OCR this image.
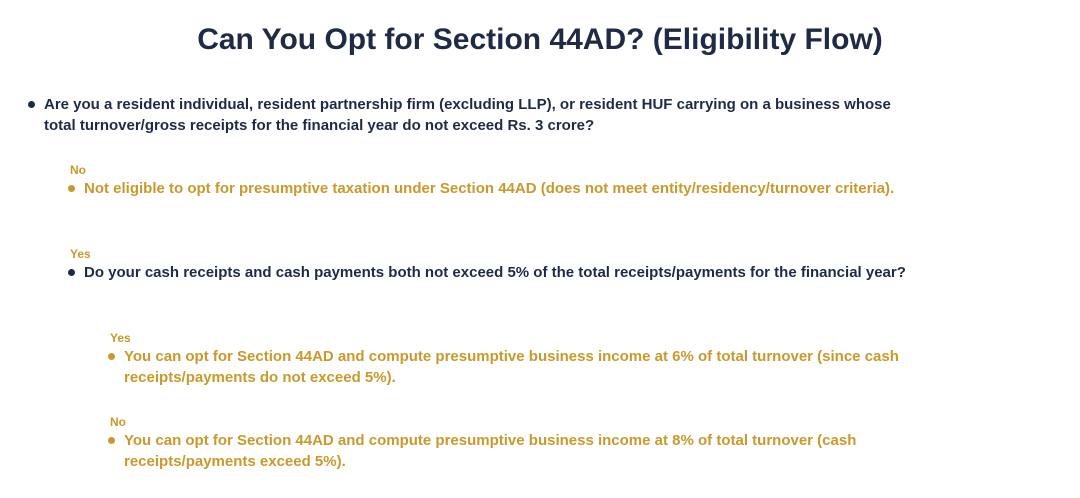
Can You Opt for Section 44AD? (Eligibility Flow)
Are you a resident individual, resident partnership firm (excluding LLP), or resident HUF carrying on a business whose total turnover/gross receipts for the financial year do not exceed Rs. 3 crore?
No
Not eligible to opt for presumptive taxation under Section 44AD (does not meet entity/residency/turnover criteria).
Yes
Do your cash receipts and cash payments both not exceed 5% of the total receipts/payments for the financial year?
Yes
You can opt for Section 44AD and compute presumptive business income at 6% of total turnover (since cash receipts/payments do not exceed 5%).
No
You can opt for Section 44AD and compute presumptive business income at 8% of total turnover (cash receipts/payments exceed 5%).
